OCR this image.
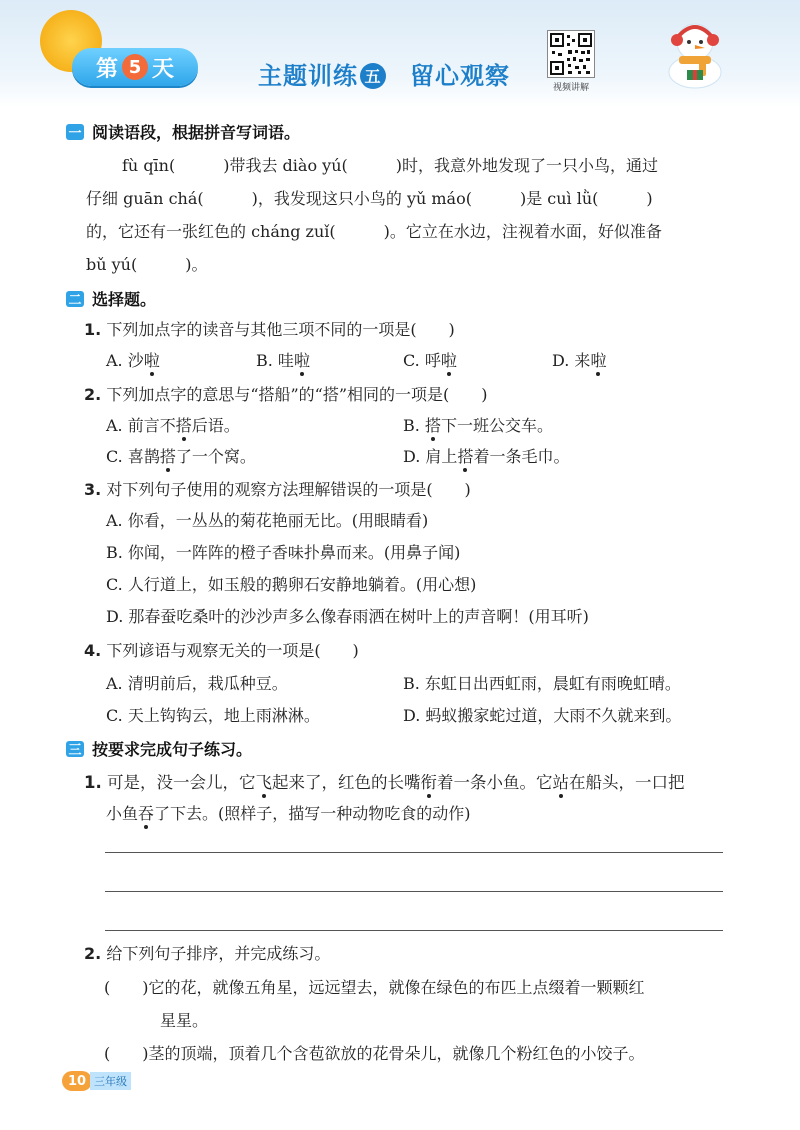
第 5 天	主题训练 五 留心观察	视频讲解
一 阅读语段，根据拼音写词语。
fù qīn(　　　)带我去 diào yú(　　　)时，我意外地发现了一只小鸟，通过
仔细 guān chá(　　　)，我发现这只小鸟的 yǔ máo(　　　)是 cuì lǜ(　　　)
的，它还有一张红色的 cháng zuǐ(　　　)。它立在水边，注视着水面，好似准备
bǔ yú(　　　)。
二 选择题。
1. 下列加点字的读音与其他三项不同的一项是(　　)
A. 沙啦	B. 哇啦	C. 呼啦	D. 来啦
2. 下列加点字的意思与“搭船”的“搭”相同的一项是(　　)
A. 前言不搭后语。	B. 搭下一班公交车。
C. 喜鹊搭了一个窝。	D. 肩上搭着一条毛巾。
3. 对下列句子使用的观察方法理解错误的一项是(　　)
A. 你看，一丛丛的菊花艳丽无比。(用眼睛看)
B. 你闻，一阵阵的橙子香味扑鼻而来。(用鼻子闻)
C. 人行道上，如玉般的鹅卵石安静地躺着。(用心想)
D. 那春蚕吃桑叶的沙沙声多么像春雨洒在树叶上的声音啊！(用耳听)
4. 下列谚语与观察无关的一项是(　　)
A. 清明前后，栽瓜种豆。	B. 东虹日出西虹雨，晨虹有雨晚虹晴。
C. 天上钩钩云，地上雨淋淋。	D. 蚂蚁搬家蛇过道，大雨不久就来到。
三 按要求完成句子练习。
1. 可是，没一会儿，它飞起来了，红色的长嘴衔着一条小鱼。它站在船头，一口把
小鱼吞了下去。(照样子，描写一种动物吃食的动作)
2. 给下列句子排序，并完成练习。
(　　)它的花，就像五角星，远远望去，就像在绿色的布匹上点缀着一颗颗红
星星。
(　　)茎的顶端，顶着几个含苞欲放的花骨朵儿，就像几个粉红色的小饺子。
10 三年级
